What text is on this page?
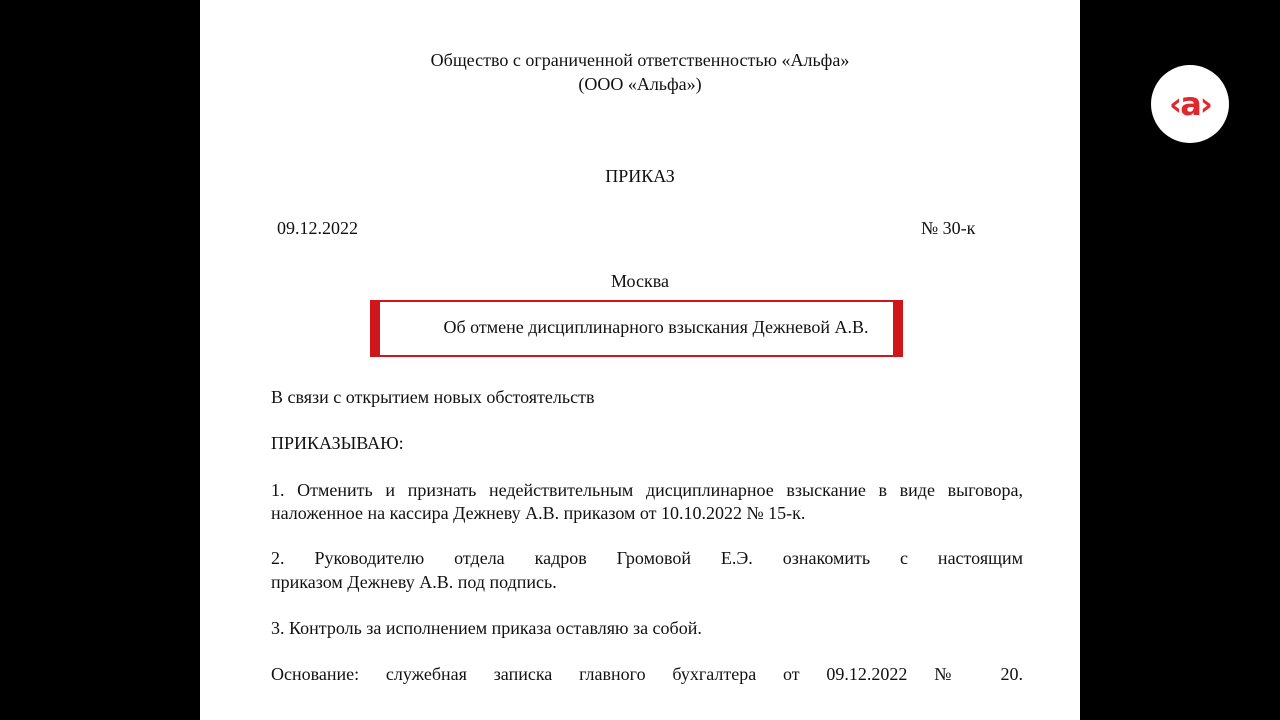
Общество с ограниченной ответственностью «Альфа»
(ООО «Альфа»)
ПРИКАЗ
09.12.2022	№ 30-к
Москва
Об отмене дисциплинарного взыскания Дежневой А.В.
В связи с открытием новых обстоятельств
ПРИКАЗЫВАЮ:
1. Отменить и признать недействительным дисциплинарное взыскание в виде выговора,
наложенное на кассира Дежневу А.В. приказом от 10.10.2022 № 15-к.
2. Руководителю отдела кадров Громовой Е.Э. ознакомить с настоящим
приказом Дежневу А.В. под подпись.
3. Контроль за исполнением приказа оставляю за собой.
Основание: служебная записка главного бухгалтера от 09.12.2022 № 20.
‹a›
